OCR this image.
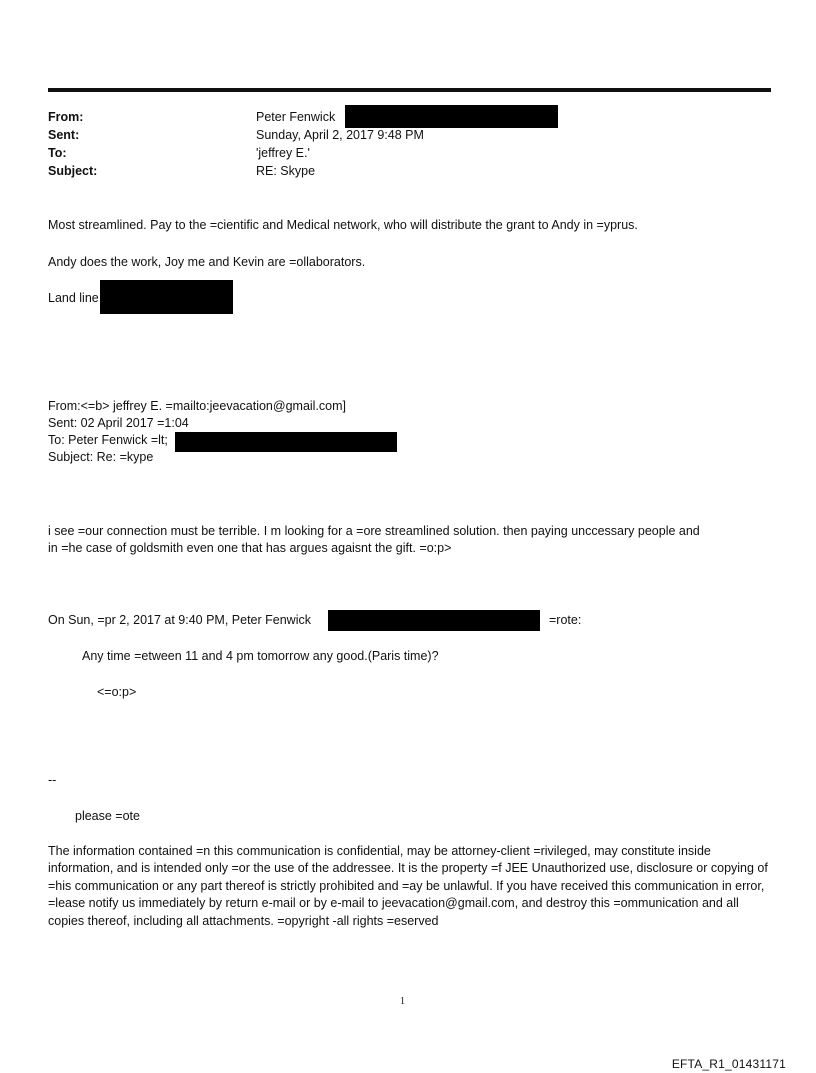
From:	Peter Fenwick
Sent:	Sunday, April 2, 2017 9:48 PM
To:	'jeffrey E.'
Subject:	RE: Skype
Most streamlined. Pay to the =cientific and Medical network, who will distribute the grant to Andy in =yprus.
Andy does the work, Joy me and Kevin are =ollaborators.
Land line
From:<=b> jeffrey E. =mailto:jeevacation@gmail.com]
Sent: 02 April 2017 =1:04
To: Peter Fenwick =lt;
Subject: Re: =kype
i see =our connection must be terrible. I m looking for a =ore streamlined solution. then paying unccessary people and
in =he case of goldsmith even one that has argues agaisnt the gift. =o:p>
On Sun, =pr 2, 2017 at 9:40 PM, Peter Fenwick	=rote:
Any time =etween 11 and 4 pm tomorrow any good.(Paris time)?
<=o:p>
--
please =ote
The information contained =n this communication is confidential, may be attorney-client =rivileged, may constitute inside information, and is intended only =or the use of the addressee. It is the property =f JEE Unauthorized use, disclosure or copying of =his communication or any part thereof is strictly prohibited and =ay be unlawful. If you have received this communication in error, =lease notify us immediately by return e-mail or by e-mail to jeevacation@gmail.com, and destroy this =ommunication and all copies thereof, including all attachments. =opyright -all rights =eserved
1
EFTA_R1_01431171
